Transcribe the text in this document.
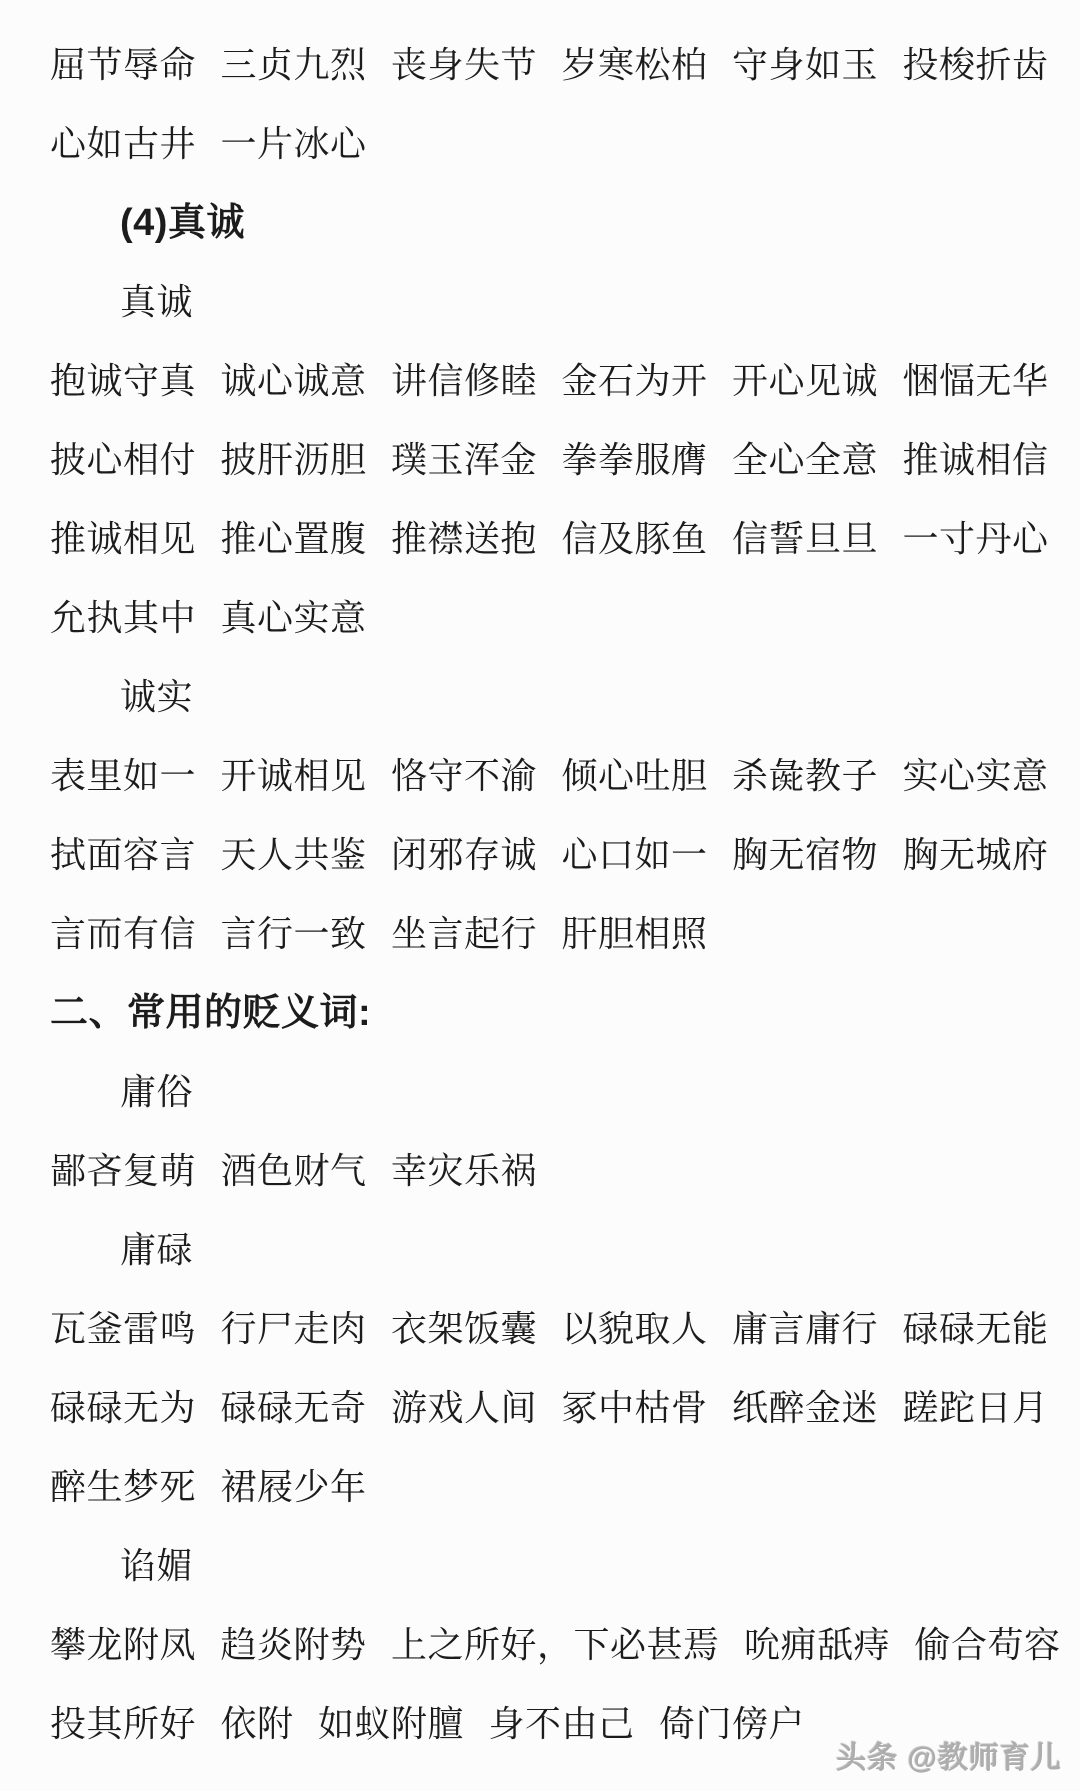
屈节辱命 三贞九烈 丧身失节 岁寒松柏 守身如玉 投梭折齿
心如古井 一片冰心
(4)真诚
真诚
抱诚守真 诚心诚意 讲信修睦 金石为开 开心见诚 悃愊无华
披心相付 披肝沥胆 璞玉浑金 拳拳服膺 全心全意 推诚相信
推诚相见 推心置腹 推襟送抱 信及豚鱼 信誓旦旦 一寸丹心
允执其中 真心实意
诚实
表里如一 开诚相见 恪守不渝 倾心吐胆 杀彘教子 实心实意
拭面容言 天人共鉴 闭邪存诚 心口如一 胸无宿物 胸无城府
言而有信 言行一致 坐言起行 肝胆相照
二、常用的贬义词:
庸俗
鄙吝复萌 酒色财气 幸灾乐祸
庸碌
瓦釜雷鸣 行尸走肉 衣架饭囊 以貌取人 庸言庸行 碌碌无能
碌碌无为 碌碌无奇 游戏人间 冢中枯骨 纸醉金迷 蹉跎日月
醉生梦死 裙屐少年
谄媚
攀龙附凤 趋炎附势 上之所好，下必甚焉 吮痈舐痔 偷合苟容
投其所好 依附 如蚁附膻 身不由己 倚门傍户
头条 @教师育儿
